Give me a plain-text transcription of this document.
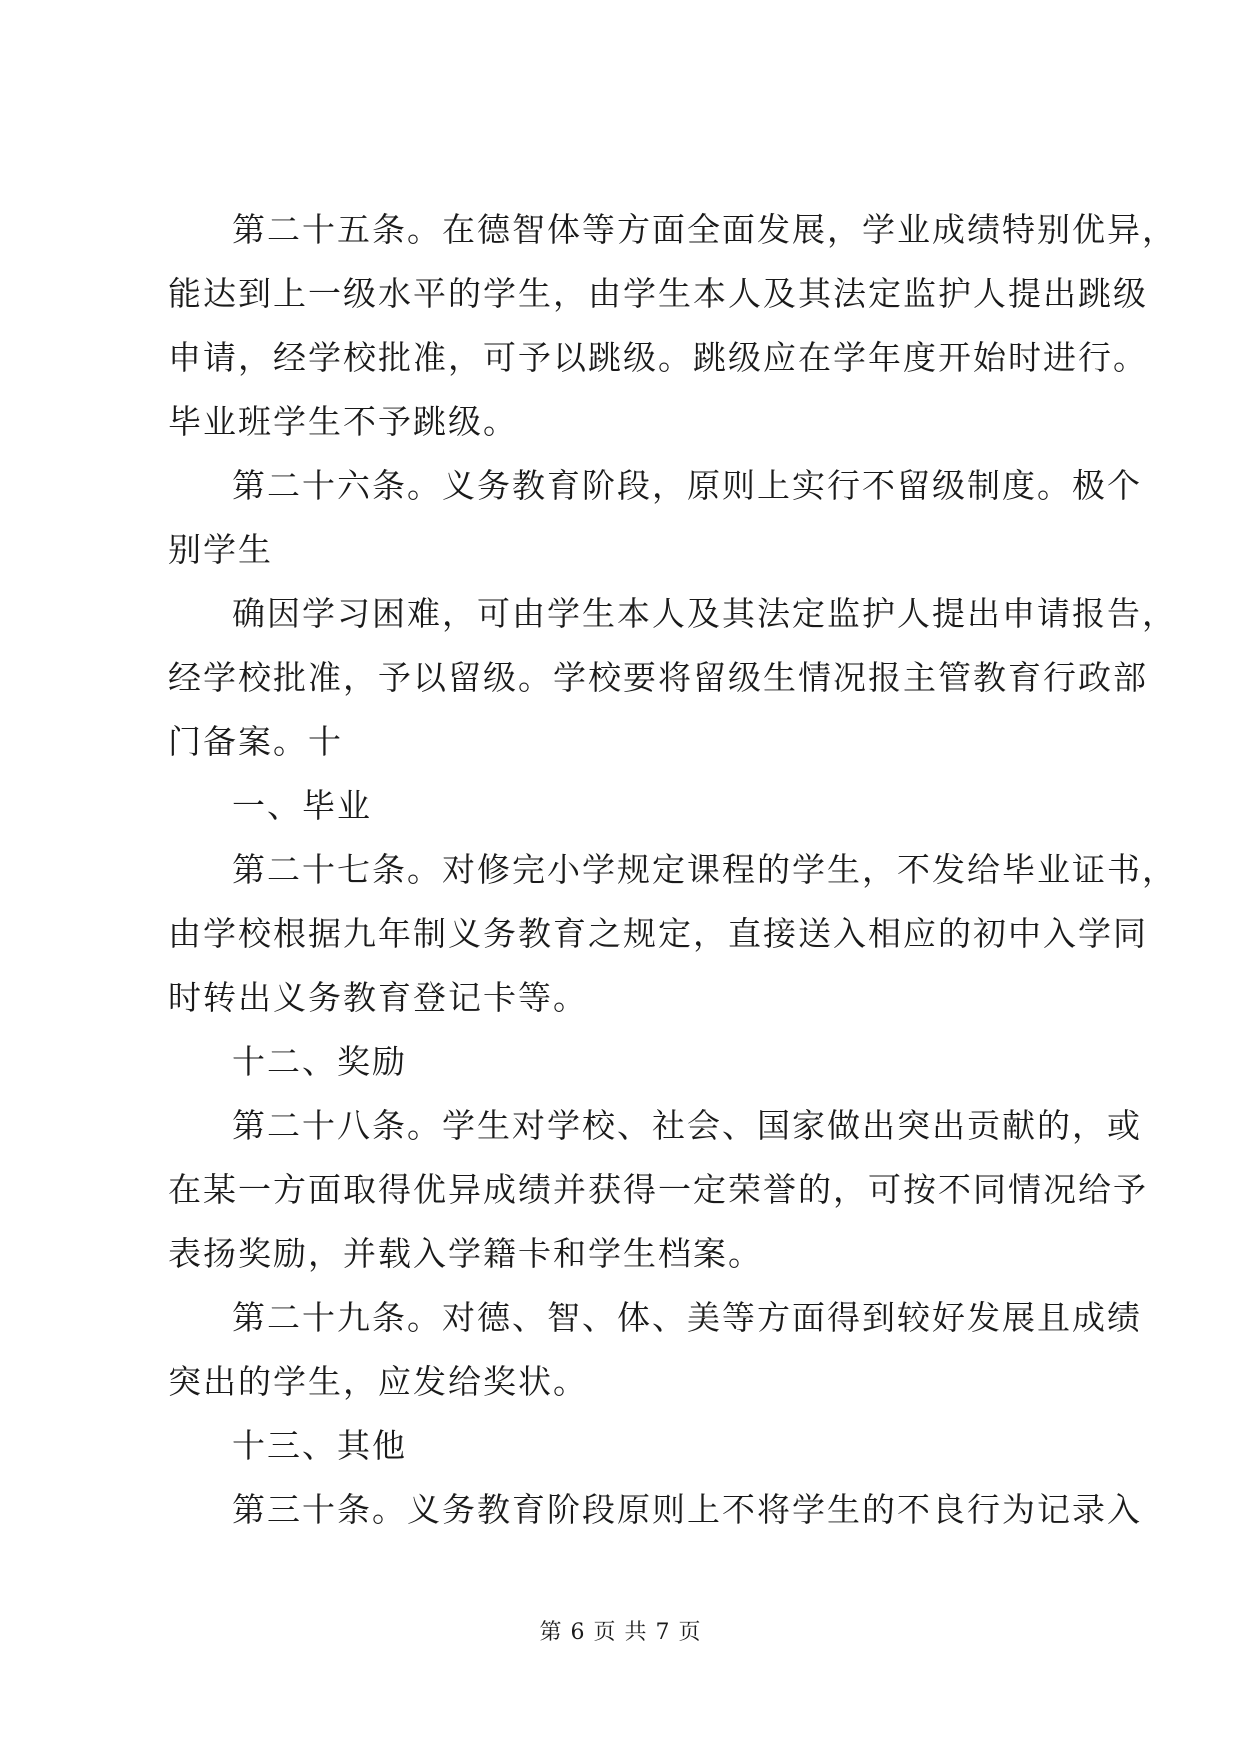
第二十五条。在德智体等方面全面发展，学业成绩特别优异，
能达到上一级水平的学生，由学生本人及其法定监护人提出跳级
申请，经学校批准，可予以跳级。跳级应在学年度开始时进行。
毕业班学生不予跳级。
第二十六条。义务教育阶段，原则上实行不留级制度。极个
别学生
确因学习困难，可由学生本人及其法定监护人提出申请报告，
经学校批准，予以留级。学校要将留级生情况报主管教育行政部
门备案。十
一、毕业
第二十七条。对修完小学规定课程的学生，不发给毕业证书，
由学校根据九年制义务教育之规定，直接送入相应的初中入学同
时转出义务教育登记卡等。
十二、奖励
第二十八条。学生对学校、社会、国家做出突出贡献的，或
在某一方面取得优异成绩并获得一定荣誉的，可按不同情况给予
表扬奖励，并载入学籍卡和学生档案。
第二十九条。对德、智、体、美等方面得到较好发展且成绩
突出的学生，应发给奖状。
十三、其他
第三十条。义务教育阶段原则上不将学生的不良行为记录入
第 6 页 共 7 页
